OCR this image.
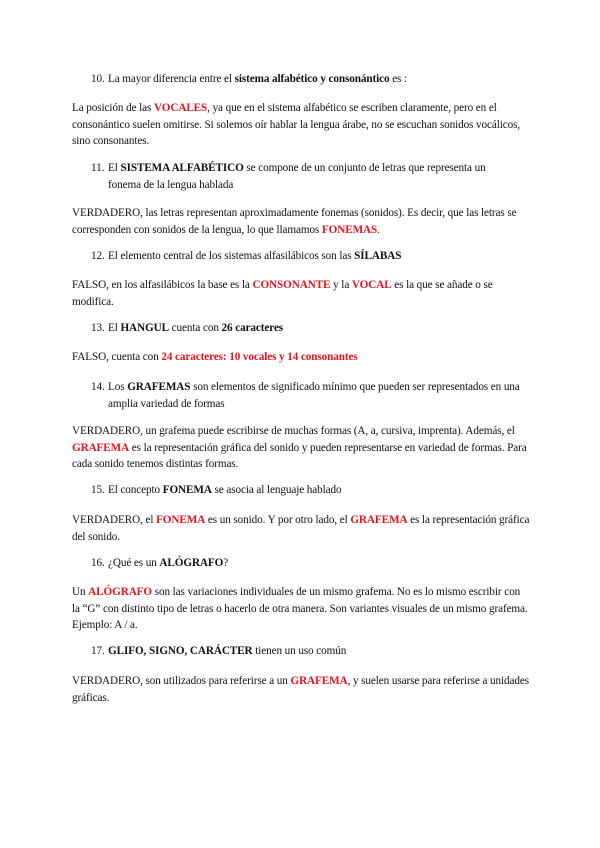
10. La mayor diferencia entre el sistema alfabético y consonántico es :
La posición de las VOCALES, ya que en el sistema alfabético se escriben claramente, pero en el consonántico suelen omitirse. Si solemos oír hablar la lengua árabe, no se escuchan sonidos vocálicos, sino consonantes.
11. El SISTEMA ALFABÉTICO se compone de un conjunto de letras que representa un
fonema de la lengua hablada
VERDADERO, las letras representan aproximadamente fonemas (sonidos). Es decir, que las letras se corresponden con sonidos de la lengua, lo que llamamos FONEMAS.
12. El elemento central de los sistemas alfasilábicos son las SÍLABAS
FALSO, en los alfasilábicos la base es la CONSONANTE y la VOCAL es la que se añade o se modifica.
13. El HANGUL cuenta con 26 caracteres
FALSO, cuenta con 24 caracteres: 10 vocales y 14 consonantes
14. Los GRAFEMAS son elementos de significado mínimo que pueden ser representados en una
amplia variedad de formas
VERDADERO, un grafema puede escribirse de muchas formas (A, a, cursiva, imprenta). Además, el GRAFEMA es la representación gráfica del sonido y pueden representarse en variedad de formas. Para cada sonido tenemos distintas formas.
15. El concepto FONEMA se asocia al lenguaje hablado
VERDADERO, el FONEMA es un sonido. Y por otro lado, el GRAFEMA es la representación gráfica del sonido.
16. ¿Qué es un ALÓGRAFO?
Un ALÓGRAFO son las variaciones individuales de un mismo grafema. No es lo mismo escribir con la “G” con distinto tipo de letras o hacerlo de otra manera. Son variantes visuales de un mismo grafema. Ejemplo: A / a.
17. GLIFO, SIGNO, CARÁCTER tienen un uso común
VERDADERO, son utilizados para referirse a un GRAFEMA, y suelen usarse para referirse a unidades gráficas.
